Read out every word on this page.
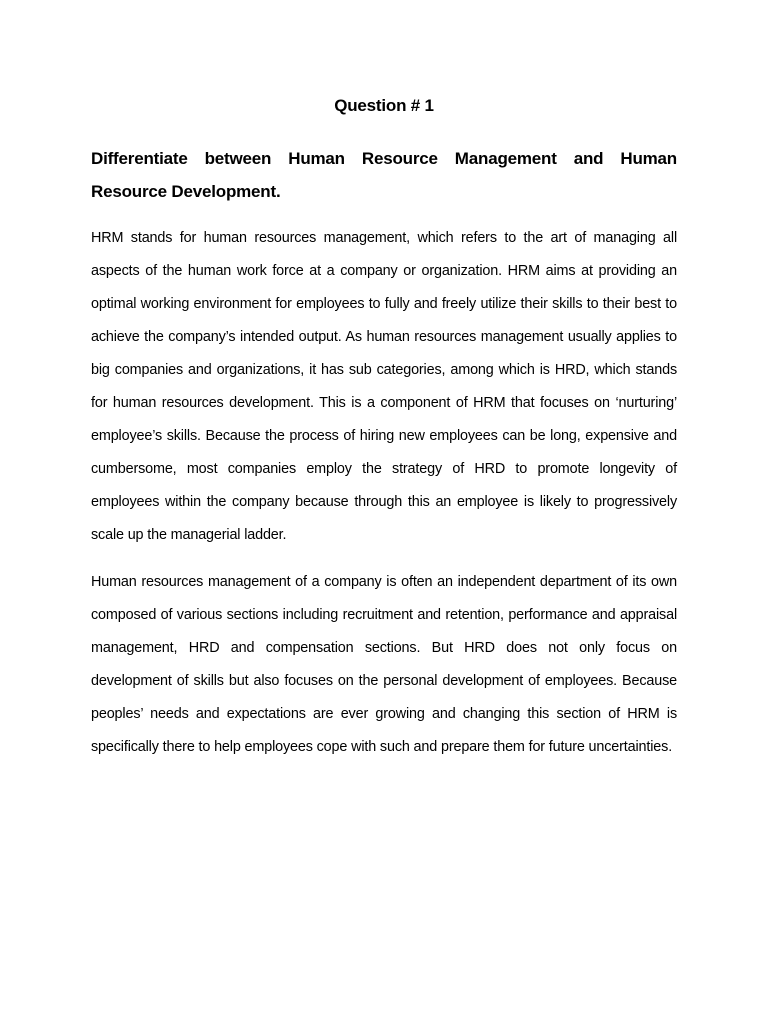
Question # 1
Differentiate between Human Resource Management and Human Resource Development.

HRM stands for human resources management, which refers to the art of managing all aspects of the human work force at a company or organization. HRM aims at providing an optimal working environment for employees to fully and freely utilize their skills to their best to achieve the company’s intended output. As human resources management usually applies to big companies and organizations, it has sub categories, among which is HRD, which stands for human resources development. This is a component of HRM that focuses on ‘nurturing’ employee’s skills. Because the process of hiring new employees can be long, expensive and cumbersome, most companies employ the strategy of HRD to promote longevity of employees within the company because through this an employee is likely to progressively scale up the managerial ladder.

Human resources management of a company is often an independent department of its own composed of various sections including recruitment and retention, performance and appraisal management, HRD and compensation sections. But HRD does not only focus on development of skills but also focuses on the personal development of employees. Because peoples’ needs and expectations are ever growing and changing this section of HRM is specifically there to help employees cope with such and prepare them for future uncertainties.
